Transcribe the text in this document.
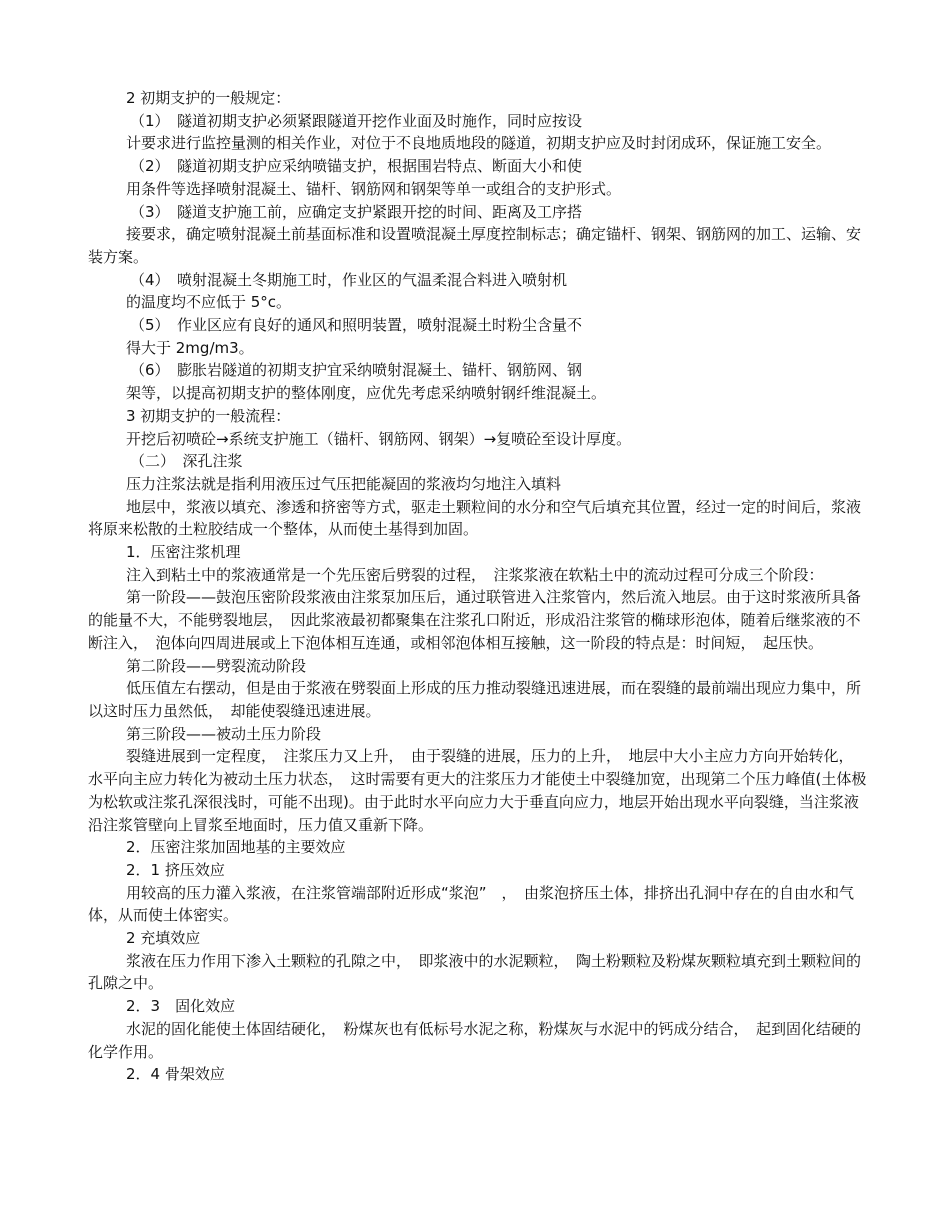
2 初期支护的一般规定：

（1）　隧道初期支护必须紧跟隧道开挖作业面及时施作，同时应按设

计要求进行监控量测的相关作业，对位于不良地质地段的隧道，初期支护应及时封闭成环，保证施工安全。

（2）　隧道初期支护应采纳喷锚支护，根据围岩特点、断面大小和使

用条件等选择喷射混凝土、锚杆、钢筋网和钢架等单一或组合的支护形式。

（3）　隧道支护施工前，应确定支护紧跟开挖的时间、距离及工序搭

接要求，确定喷射混凝土前基面标准和设置喷混凝土厚度控制标志；确定锚杆、钢架、钢筋网的加工、运输、安装方案。

（4）　喷射混凝土冬期施工时，作业区的气温柔混合料进入喷射机

的温度均不应低于 5°c。

（5）　作业区应有良好的通风和照明装置，喷射混凝土时粉尘含量不

得大于 2mg/m3。

（6）　膨胀岩隧道的初期支护宜采纳喷射混凝土、锚杆、钢筋网、钢

架等，以提高初期支护的整体刚度，应优先考虑采纳喷射钢纤维混凝土。

3 初期支护的一般流程：

开挖后初喷砼→系统支护施工（锚杆、钢筋网、钢架）→复喷砼至设计厚度。

（二）　深孔注浆

压力注浆法就是指利用液压过气压把能凝固的浆液均匀地注入填料

地层中，浆液以填充、渗透和挤密等方式，驱走土颗粒间的水分和空气后填充其位置，经过一定的时间后，浆液将原来松散的土粒胶结成一个整体，从而使土基得到加固。

1．压密注浆机理

注入到粘土中的浆液通常是一个先压密后劈裂的过程，　注浆浆液在软粘土中的流动过程可分成三个阶段：

第一阶段——鼓泡压密阶段浆液由注浆泵加压后，通过联管进入注浆管内，然后流入地层。由于这时浆液所具备的能量不大，不能劈裂地层，　因此浆液最初都聚集在注浆孔口附近，形成沿注浆管的椭球形泡体，随着后继浆液的不断注入，　泡体向四周进展或上下泡体相互连通，或相邻泡体相互接触，这一阶段的特点是：时间短，　起压快。

第二阶段——劈裂流动阶段

低压值左右摆动，但是由于浆液在劈裂面上形成的压力推动裂缝迅速进展，而在裂缝的最前端出现应力集中，所以这时压力虽然低，　却能使裂缝迅速进展。

第三阶段——被动土压力阶段

裂缝进展到一定程度，　注浆压力又上升，　由于裂缝的进展，压力的上升，　地层中大小主应力方向开始转化，　水平向主应力转化为被动土压力状态，　这时需要有更大的注浆压力才能使土中裂缝加宽，出现第二个压力峰值(土体极为松软或注浆孔深很浅时，可能不出现)。由于此时水平向应力大于垂直向应力，地层开始出现水平向裂缝，当注浆液沿注浆管壁向上冒浆至地面时，压力值又重新下降。

2．压密注浆加固地基的主要效应

2．1 挤压效应

用较高的压力灌入浆液，在注浆管端部附近形成“浆泡”　，　由浆泡挤压土体，排挤出孔洞中存在的自由水和气体，从而使土体密实。

2 充填效应

浆液在压力作用下渗入土颗粒的孔隙之中，　即浆液中的水泥颗粒，　陶土粉颗粒及粉煤灰颗粒填充到土颗粒间的孔隙之中。

2．3　固化效应

水泥的固化能使土体固结硬化，　粉煤灰也有低标号水泥之称，粉煤灰与水泥中的钙成分结合，　起到固化结硬的化学作用。

2．4 骨架效应
